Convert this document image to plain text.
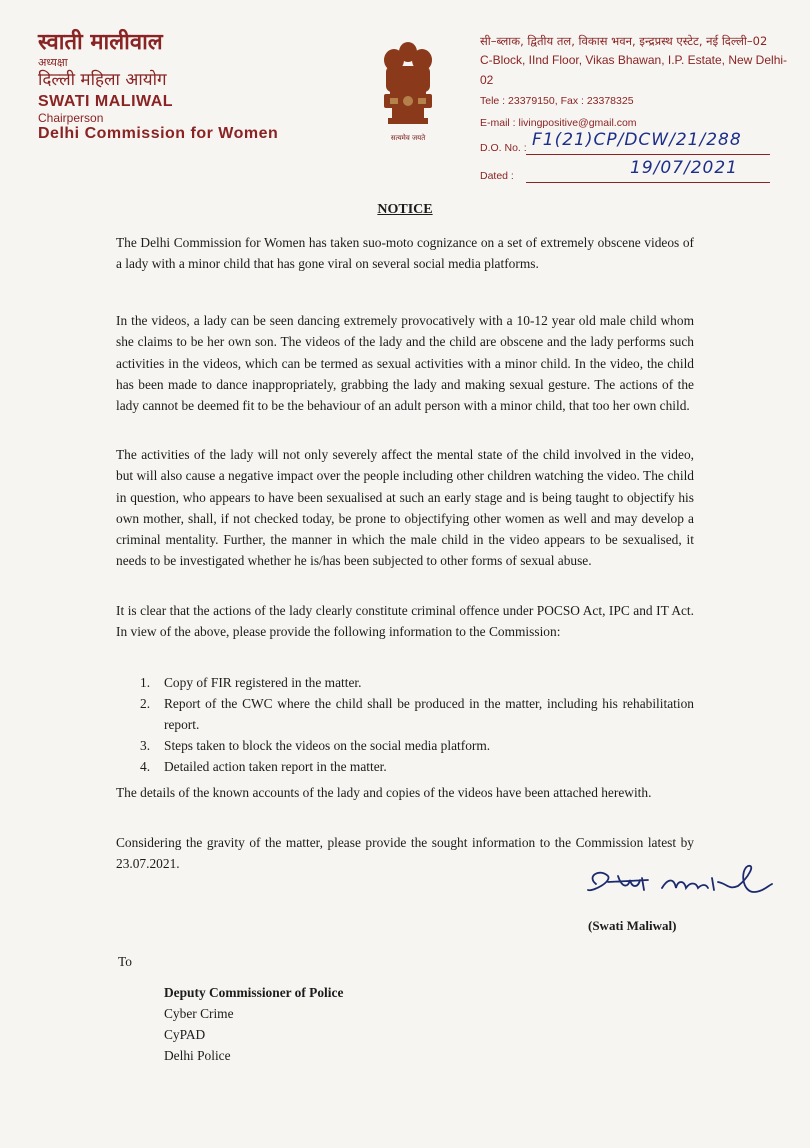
स्वाती मालीवाल
अध्यक्षा
दिल्ली महिला आयोग
SWATI MALIWAL
Chairperson
Delhi Commission for Women	सत्यमेव जयते
सी–ब्लाक, द्वितीय तल, विकास भवन, इन्द्रप्रस्थ एस्टेट, नई दिल्ली–02
C-Block, IInd Floor, Vikas Bhawan, I.P. Estate, New Delhi-02
Tele : 23379150, Fax : 23378325
E-mail : livingpositive@gmail.com
D.O. No. : F1(21)CP/DCW/21/288
Dated :	19/07/2021
NOTICE

The Delhi Commission for Women has taken suo-moto cognizance on a set of extremely obscene videos of a lady with a minor child that has gone viral on several social media platforms.

In the videos, a lady can be seen dancing extremely provocatively with a 10-12 year old male child whom she claims to be her own son. The videos of the lady and the child are obscene and the lady performs such activities in the videos, which can be termed as sexual activities with a minor child. In the video, the child has been made to dance inappropriately, grabbing the lady and making sexual gesture. The actions of the lady cannot be deemed fit to be the behaviour of an adult person with a minor child, that too her own child.

The activities of the lady will not only severely affect the mental state of the child involved in the video, but will also cause a negative impact over the people including other children watching the video. The child in question, who appears to have been sexualised at such an early stage and is being taught to objectify his own mother, shall, if not checked today, be prone to objectifying other women as well and may develop a criminal mentality. Further, the manner in which the male child in the video appears to be sexualised, it needs to be investigated whether he is/has been subjected to other forms of sexual abuse.

It is clear that the actions of the lady clearly constitute criminal offence under POCSO Act, IPC and IT Act. In view of the above, please provide the following information to the Commission:

1. Copy of FIR registered in the matter.
2. Report of the CWC where the child shall be produced in the matter, including his rehabilitation report.
3. Steps taken to block the videos on the social media platform.
4. Detailed action taken report in the matter.

The details of the known accounts of the lady and copies of the videos have been attached herewith.

Considering the gravity of the matter, please provide the sought information to the Commission latest by 23.07.2021.

(Swati Maliwal)
To
Deputy Commissioner of Police
Cyber Crime
CyPAD
Delhi Police
